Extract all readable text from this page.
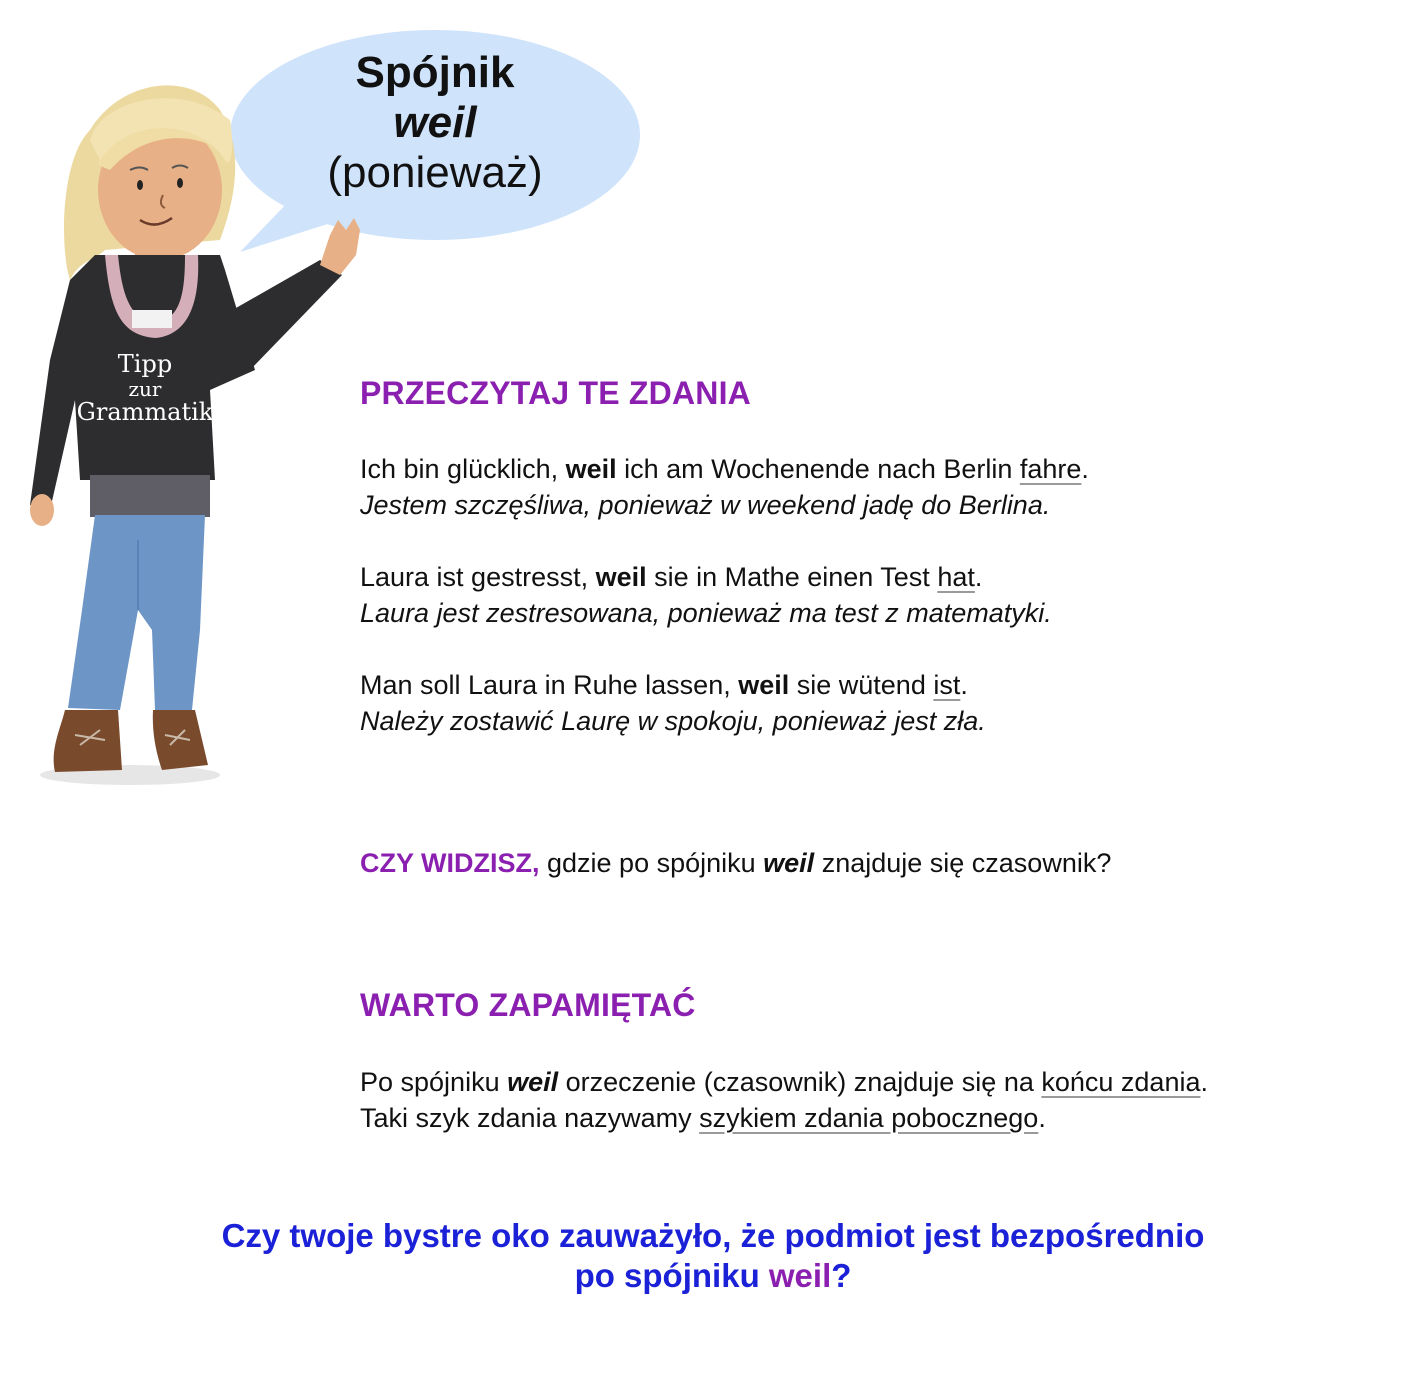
Spójnik
weil
(ponieważ)
Tipp
zur
Grammatik
PRZECZYTAJ TE ZDANIA
Ich bin glücklich, weil ich am Wochenende nach Berlin fahre.
Jestem szczęśliwa, ponieważ w weekend jadę do Berlina.
Laura ist gestresst, weil sie in Mathe einen Test hat.
Laura jest zestresowana, ponieważ ma test z matematyki.
Man soll Laura in Ruhe lassen, weil sie wütend ist.
Należy zostawić Laurę w spokoju, ponieważ jest zła.
CZY WIDZISZ, gdzie po spójniku weil znajduje się czasownik?
WARTO ZAPAMIĘTAĆ
Po spójniku weil orzeczenie (czasownik) znajduje się na końcu zdania.
Taki szyk zdania nazywamy szykiem zdania pobocznego.
Czy twoje bystre oko zauważyło, że podmiot jest bezpośrednio
po spójniku weil?
